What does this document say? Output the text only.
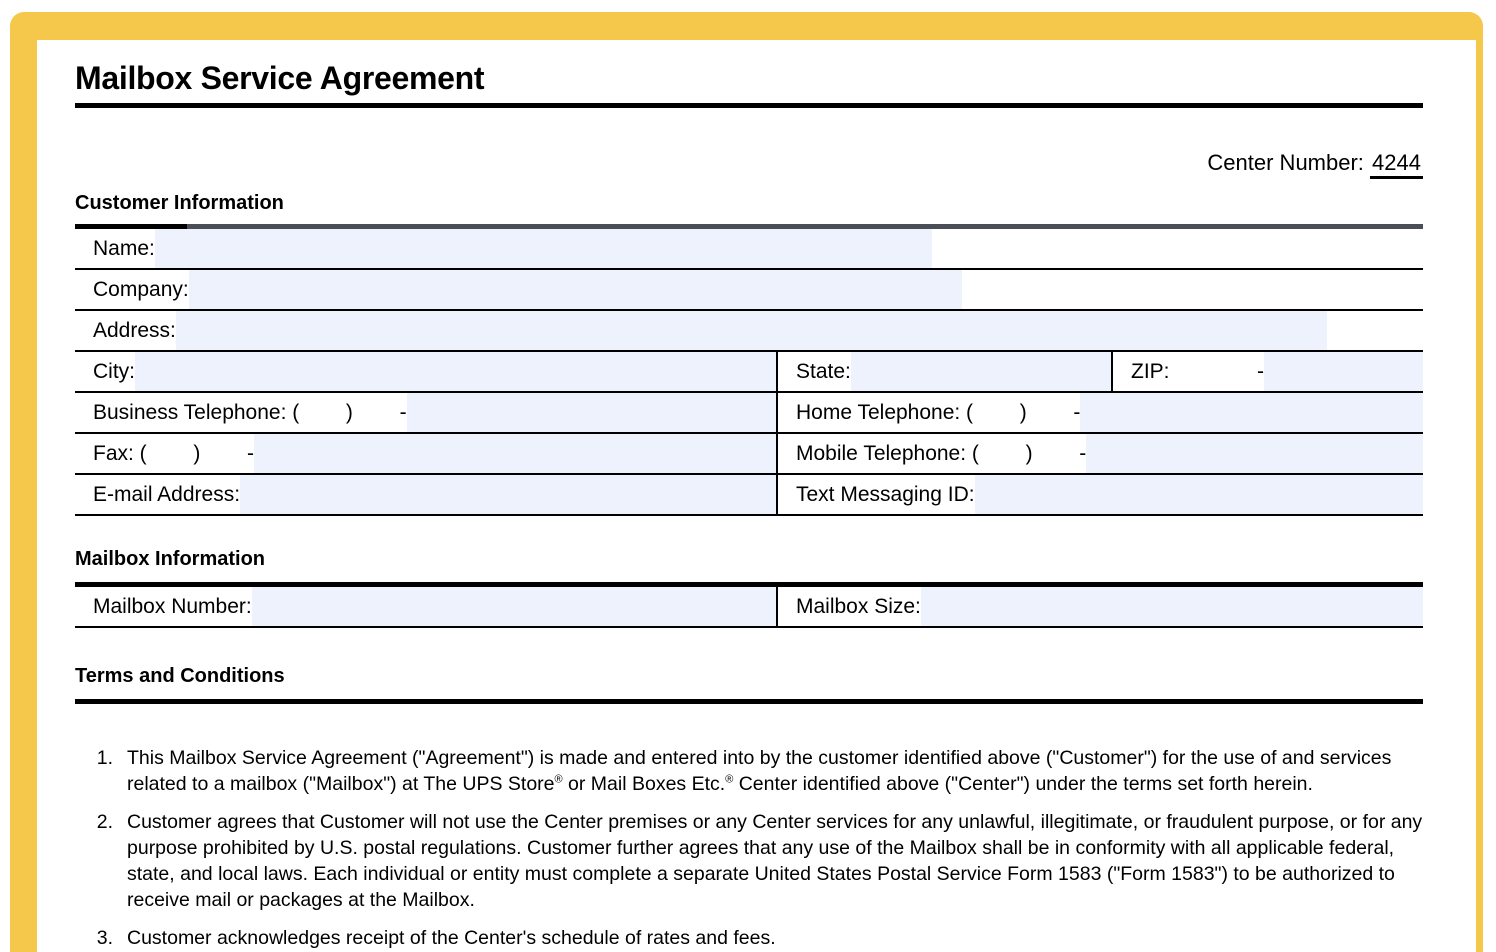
Mailbox Service Agreement
Center Number: 4244
Customer Information
Name:		

Company:		

Address:		

City:	State:	ZIP:               -

Business Telephone: (        )        -	Home Telephone: (        )        -	

Fax: (        )        -	Mobile Telephone: (        )        -	

E-mail Address:	Text Messaging ID:	
Mailbox Information
Mailbox Number:	Mailbox Size:
Terms and Conditions
1. This Mailbox Service Agreement ("Agreement") is made and entered into by the customer identified above ("Customer") for the use of and services related to a mailbox ("Mailbox") at The UPS Store® or Mail Boxes Etc.® Center identified above ("Center") under the terms set forth herein.
2. Customer agrees that Customer will not use the Center premises or any Center services for any unlawful, illegitimate, or fraudulent purpose, or for any purpose prohibited by U.S. postal regulations. Customer further agrees that any use of the Mailbox shall be in conformity with all applicable federal, state, and local laws. Each individual or entity must complete a separate United States Postal Service Form 1583 ("Form 1583") to be authorized to receive mail or packages at the Mailbox.
3. Customer acknowledges receipt of the Center's schedule of rates and fees.
